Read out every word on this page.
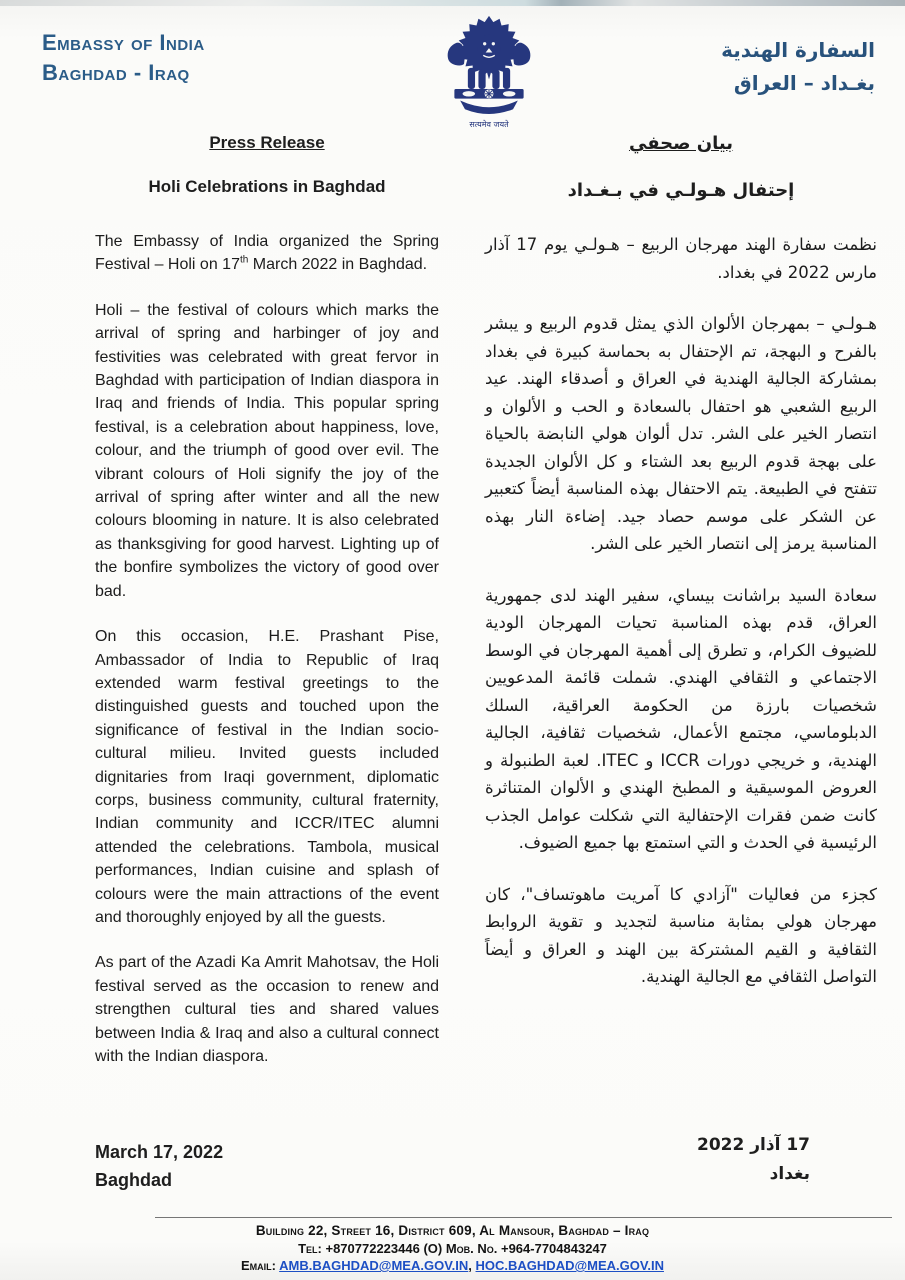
Embassy of India
Baghdad - Iraq
सत्यमेव जयते
السفارة الهندية
بغـداد – العراق
Press Release
Holi Celebrations in Baghdad

The Embassy of India organized the Spring Festival – Holi on 17th March 2022 in Baghdad.

Holi – the festival of colours which marks the arrival of spring and harbinger of joy and festivities was celebrated with great fervor in Baghdad with participation of Indian diaspora in Iraq and friends of India. This popular spring festival, is a celebration about happiness, love, colour, and the triumph of good over evil. The vibrant colours of Holi signify the joy of the arrival of spring after winter and all the new colours blooming in nature. It is also celebrated as thanksgiving for good harvest. Lighting up of the bonfire symbolizes the victory of good over bad.

On this occasion, H.E. Prashant Pise, Ambassador of India to Republic of Iraq extended warm festival greetings to the distinguished guests and touched upon the significance of festival in the Indian socio-cultural milieu. Invited guests included dignitaries from Iraqi government, diplomatic corps, business community, cultural fraternity, Indian community and ICCR/ITEC alumni attended the celebrations. Tambola, musical performances, Indian cuisine and splash of colours were the main attractions of the event and thoroughly enjoyed by all the guests.

As part of the Azadi Ka Amrit Mahotsav, the Holi festival served as the occasion to renew and strengthen cultural ties and shared values between India & Iraq and also a cultural connect with the Indian diaspora.

بيان صحفي
إحتفال هـولـي في بـغـداد

نظمت سفارة الهند مهرجان الربيع – هـولـي يوم 17 آذار مارس 2022 في بغداد.

هـولـي – بمهرجان الألوان الذي يمثل قدوم الربيع و يبشر بالفرح و البهجة، تم الإحتفال به بحماسة كبيرة في بغداد بمشاركة الجالية الهندية في العراق و أصدقاء الهند. عيد الربيع الشعبي هو احتفال بالسعادة و الحب و الألوان و انتصار الخير على الشر. تدل ألوان هولي النابضة بالحياة على بهجة قدوم الربيع بعد الشتاء و كل الألوان الجديدة تتفتح في الطبيعة. يتم الاحتفال بهذه المناسبة أيضاً كتعبير عن الشكر على موسم حصاد جيد. إضاءة النار بهذه المناسبة يرمز إلى انتصار الخير على الشر.

سعادة السيد براشانت بيساي، سفير الهند لدى جمهورية العراق، قدم بهذه المناسبة تحيات المهرجان الودية للضيوف الكرام، و تطرق إلى أهمية المهرجان في الوسط الاجتماعي و الثقافي الهندي. شملت قائمة المدعويين شخصيات بارزة من الحكومة العراقية، السلك الدبلوماسي، مجتمع الأعمال، شخصيات ثقافية، الجالية الهندية، و خريجي دورات ICCR و ITEC. لعبة الطنبولة و العروض الموسيقية و المطبخ الهندي و الألوان المتناثرة كانت ضمن فقرات الإحتفالية التي شكلت عوامل الجذب الرئيسية في الحدث و التي استمتع بها جميع الضيوف.

كجزء من فعاليات "آزادي كا آمريت ماهوتساف"، كان مهرجان هولي بمثابة مناسبة لتجديد و تقوية الروابط الثقافية و القيم المشتركة بين الهند و العراق و أيضاً التواصل الثقافي مع الجالية الهندية.

March 17, 2022
Baghdad
17 آذار 2022
بغداد
Building 22, Street 16, District 609, Al Mansour, Baghdad – Iraq
Tel: +870772223446 (O) Mob. No. +964-7704843247
Email: AMB.BAGHDAD@MEA.GOV.IN, HOC.BAGHDAD@MEA.GOV.IN
